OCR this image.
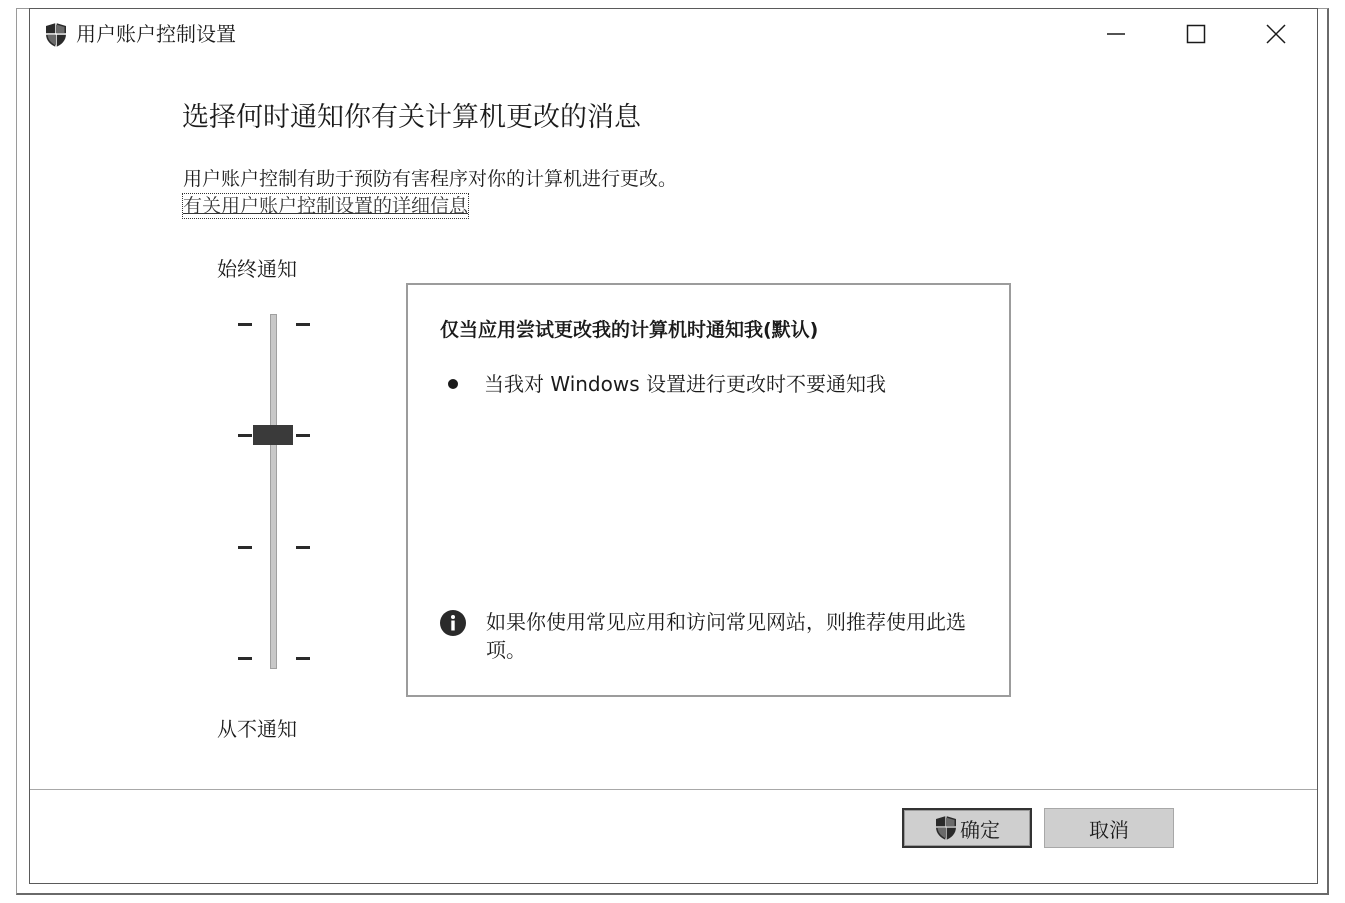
用户账户控制设置
选择何时通知你有关计算机更改的消息
用户账户控制有助于预防有害程序对你的计算机进行更改。
有关用户账户控制设置的详细信息
始终通知
从不通知
仅当应用尝试更改我的计算机时通知我(默认)
当我对 Windows 设置进行更改时不要通知我
如果你使用常见应用和访问常见网站，则推荐使用此选项。
确定	取消
